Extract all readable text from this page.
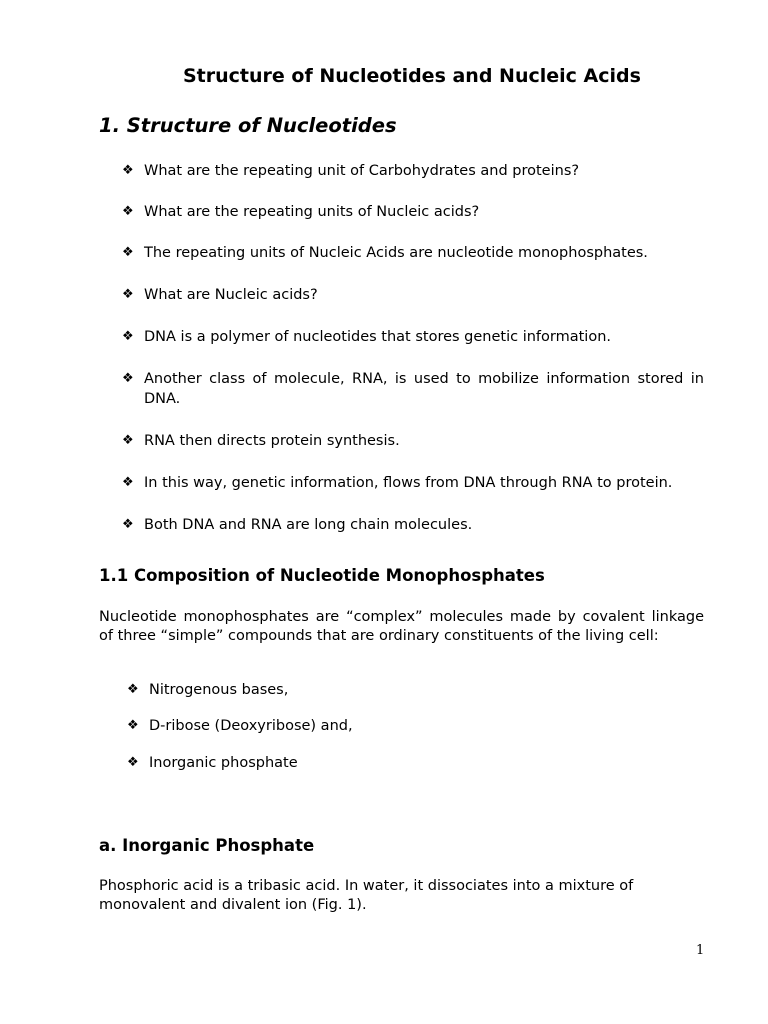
Structure of Nucleotides and Nucleic Acids
1. Structure of Nucleotides
❖ What are the repeating unit of Carbohydrates and proteins?
❖ What are the repeating units of Nucleic acids?
❖ The repeating units of Nucleic Acids are nucleotide monophosphates.
❖ What are Nucleic acids?
❖ DNA is a polymer of nucleotides that stores genetic information.
❖ Another class of molecule, RNA, is used to mobilize information stored in DNA.
❖ RNA then directs protein synthesis.
❖ In this way, genetic information, flows from DNA through RNA to protein.
❖ Both DNA and RNA are long chain molecules.
1.1 Composition of Nucleotide Monophosphates
Nucleotide monophosphates are “complex” molecules made by covalent linkage of three “simple” compounds that are ordinary constituents of the living cell:
❖ Nitrogenous bases,
❖ D-ribose (Deoxyribose) and,
❖ Inorganic phosphate
a. Inorganic Phosphate
Phosphoric acid is a tribasic acid. In water, it dissociates into a mixture of monovalent and divalent ion (Fig. 1).
1
